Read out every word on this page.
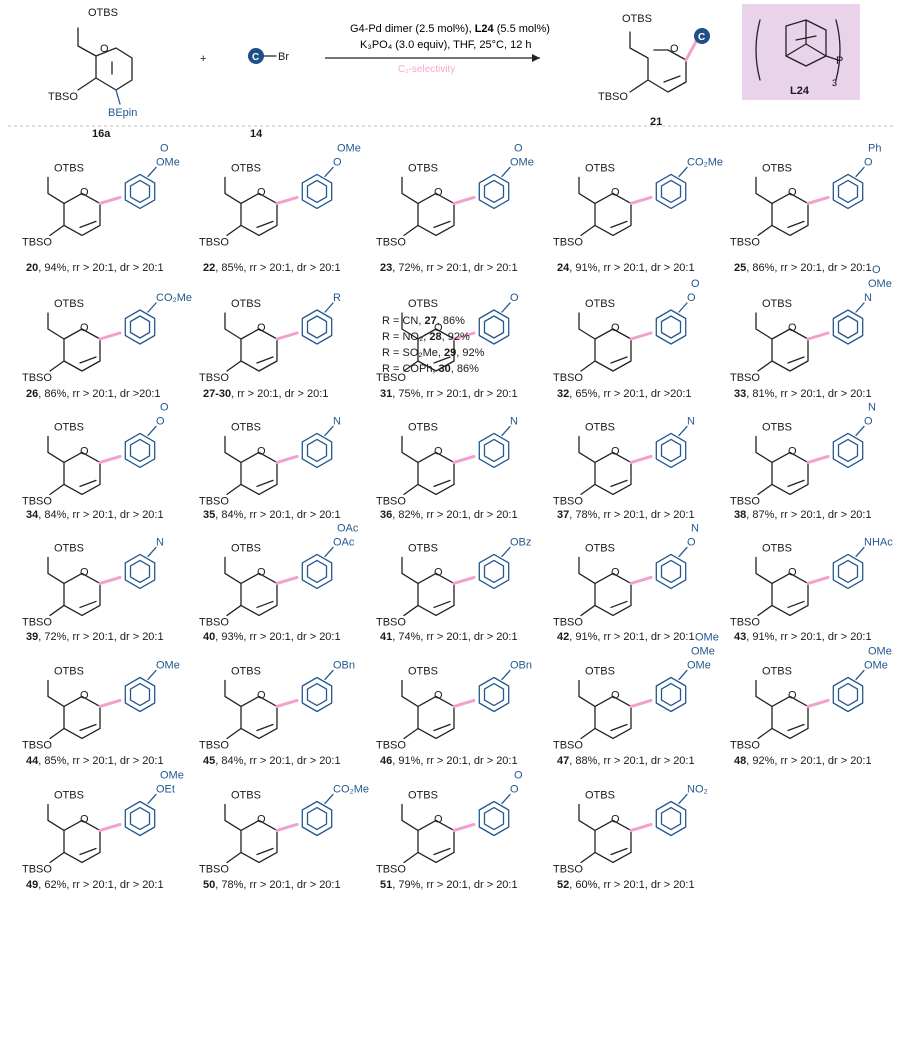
OTBS
O
TBSO
BEpin
16a
+	C Br
14
G4-Pd dimer (2.5 mol%), L24 (5.5 mol%)
K₃PO₄ (3.0 equiv), THF, 25°C, 12 h
C₁-selectivity
C
OTBS
O
TBSO
21
P
3
L24
OTBS
TBSO
O
OMe
O
20, 94%, rr > 20:1, dr > 20:1
OTBS
TBSO
O
O
OMe
22, 85%, rr > 20:1, dr > 20:1
OTBS
TBSO
O
OMe
O
23, 72%, rr > 20:1, dr > 20:1
OTBS
TBSO
O
CO₂Me
24, 91%, rr > 20:1, dr > 20:1
OTBS
TBSO
O
O
Ph
25, 86%, rr > 20:1, dr > 20:1
OTBS
TBSO
O
CO₂Me
26, 86%, rr > 20:1, dr >20:1
OTBS
TBSO
O
R
27-30, rr > 20:1, dr > 20:1
OTBS
TBSO
O
O
31, 75%, rr > 20:1, dr > 20:1
OTBS
TBSO
O
O
O
32, 65%, rr > 20:1, dr >20:1
OTBS
TBSO
O
N
OMe
O
33, 81%, rr > 20:1, dr > 20:1
OTBS
TBSO
O
O
O
34, 84%, rr > 20:1, dr > 20:1
OTBS
TBSO
O
N
35, 84%, rr > 20:1, dr > 20:1
OTBS
TBSO
O
N
36, 82%, rr > 20:1, dr > 20:1
OTBS
TBSO
O
N
37, 78%, rr > 20:1, dr > 20:1
OTBS
TBSO
O
O
N
38, 87%, rr > 20:1, dr > 20:1
OTBS
TBSO
O
N
39, 72%, rr > 20:1, dr > 20:1
OTBS
TBSO
O
OAc
OAc
40, 93%, rr > 20:1, dr > 20:1
OTBS
TBSO
O
OBz
41, 74%, rr > 20:1, dr > 20:1
OTBS
TBSO
O
O
N
42, 91%, rr > 20:1, dr > 20:1
OTBS
TBSO
O
NHAc
43, 91%, rr > 20:1, dr > 20:1
OTBS
TBSO
O
OMe
44, 85%, rr > 20:1, dr > 20:1
OTBS
TBSO
O
OBn
45, 84%, rr > 20:1, dr > 20:1
OTBS
TBSO
O
OBn
46, 91%, rr > 20:1, dr > 20:1
OTBS
TBSO
O
OMe
OMe
OMe
47, 88%, rr > 20:1, dr > 20:1
OTBS
TBSO
O
OMe
OMe
48, 92%, rr > 20:1, dr > 20:1
OTBS
TBSO
O
OEt
OMe
49, 62%, rr > 20:1, dr > 20:1
OTBS
TBSO
O
CO₂Me
50, 78%, rr > 20:1, dr > 20:1
OTBS
TBSO
O
O
O
51, 79%, rr > 20:1, dr > 20:1
OTBS
TBSO
O
NO₂
52, 60%, rr > 20:1, dr > 20:1
R = CN, 27, 86%
R = NO₂, 28, 92%
R = SO₂Me, 29, 92%
R = COPh, 30, 86%
